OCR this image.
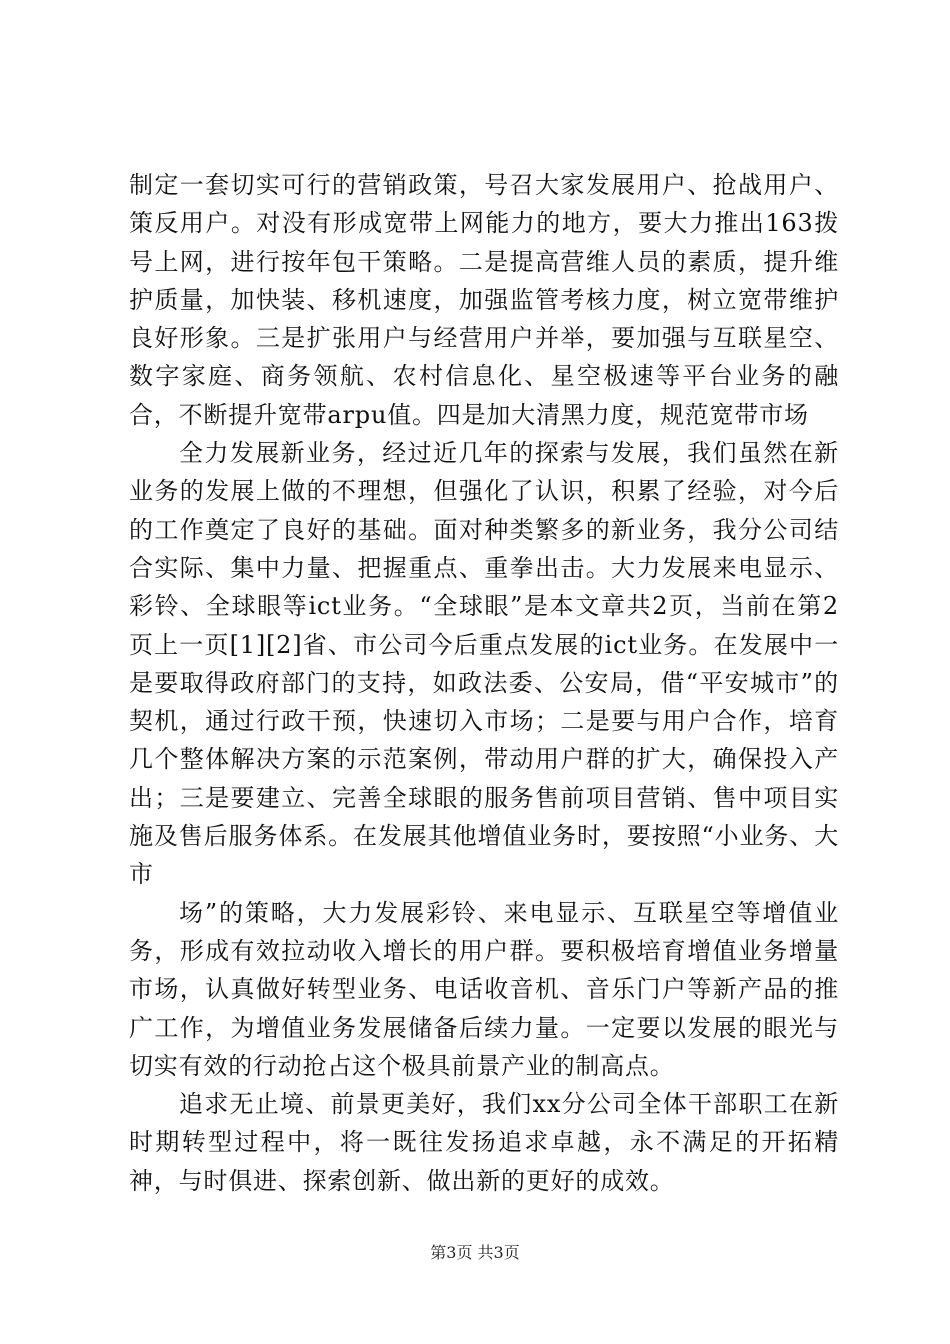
制定一套切实可行的营销政策，号召大家发展用户、抢战用户、策反用户。对没有形成宽带上网能力的地方，要大力推出163拨号上网，进行按年包干策略。二是提高营维人员的素质，提升维护质量，加快装、移机速度，加强监管考核力度，树立宽带维护良好形象。三是扩张用户与经营用户并举，要加强与互联星空、数字家庭、商务领航、农村信息化、星空极速等平台业务的融合，不断提升宽带arpu值。四是加大清黑力度，规范宽带市场

全力发展新业务，经过近几年的探索与发展，我们虽然在新业务的发展上做的不理想，但强化了认识，积累了经验，对今后的工作奠定了良好的基础。面对种类繁多的新业务，我分公司结合实际、集中力量、把握重点、重拳出击。大力发展来电显示、彩铃、全球眼等ict业务。“全球眼”是本文章共2页，当前在第2页上一页[1][2]省、市公司今后重点发展的ict业务。在发展中一是要取得政府部门的支持，如政法委、公安局，借“平安城市”的契机，通过行政干预，快速切入市场；二是要与用户合作，培育几个整体解决方案的示范案例，带动用户群的扩大，确保投入产出；三是要建立、完善全球眼的服务售前项目营销、售中项目实施及售后服务体系。在发展其他增值业务时，要按照“小业务、大市

场”的策略，大力发展彩铃、来电显示、互联星空等增值业务，形成有效拉动收入增长的用户群。要积极培育增值业务增量市场，认真做好转型业务、电话收音机、音乐门户等新产品的推广工作，为增值业务发展储备后续力量。一定要以发展的眼光与切实有效的行动抢占这个极具前景产业的制高点。

追求无止境、前景更美好，我们xx分公司全体干部职工在新时期转型过程中，将一既往发扬追求卓越，永不满足的开拓精神，与时俱进、探索创新、做出新的更好的成效。

第3页 共3页
